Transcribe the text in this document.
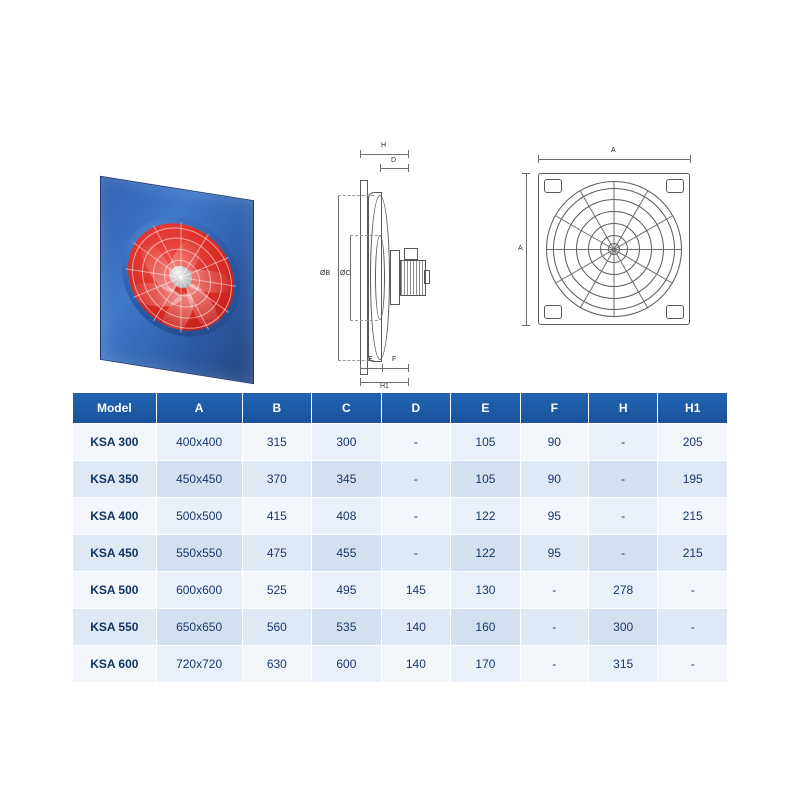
H
D
ØB ØC
E	F
H1
A
A
Model	A	B	C	D	E	F	H	H1
KSA 300	400x400	315	300	-	105	90	-	205
KSA 350	450x450	370	345	-	105	90	-	195
KSA 400	500x500	415	408	-	122	95	-	215
KSA 450	550x550	475	455	-	122	95	-	215
KSA 500	600x600	525	495	145	130	-	278	-
KSA 550	650x650	560	535	140	160	-	300	-
KSA 600	720x720	630	600	140	170	-	315	-
